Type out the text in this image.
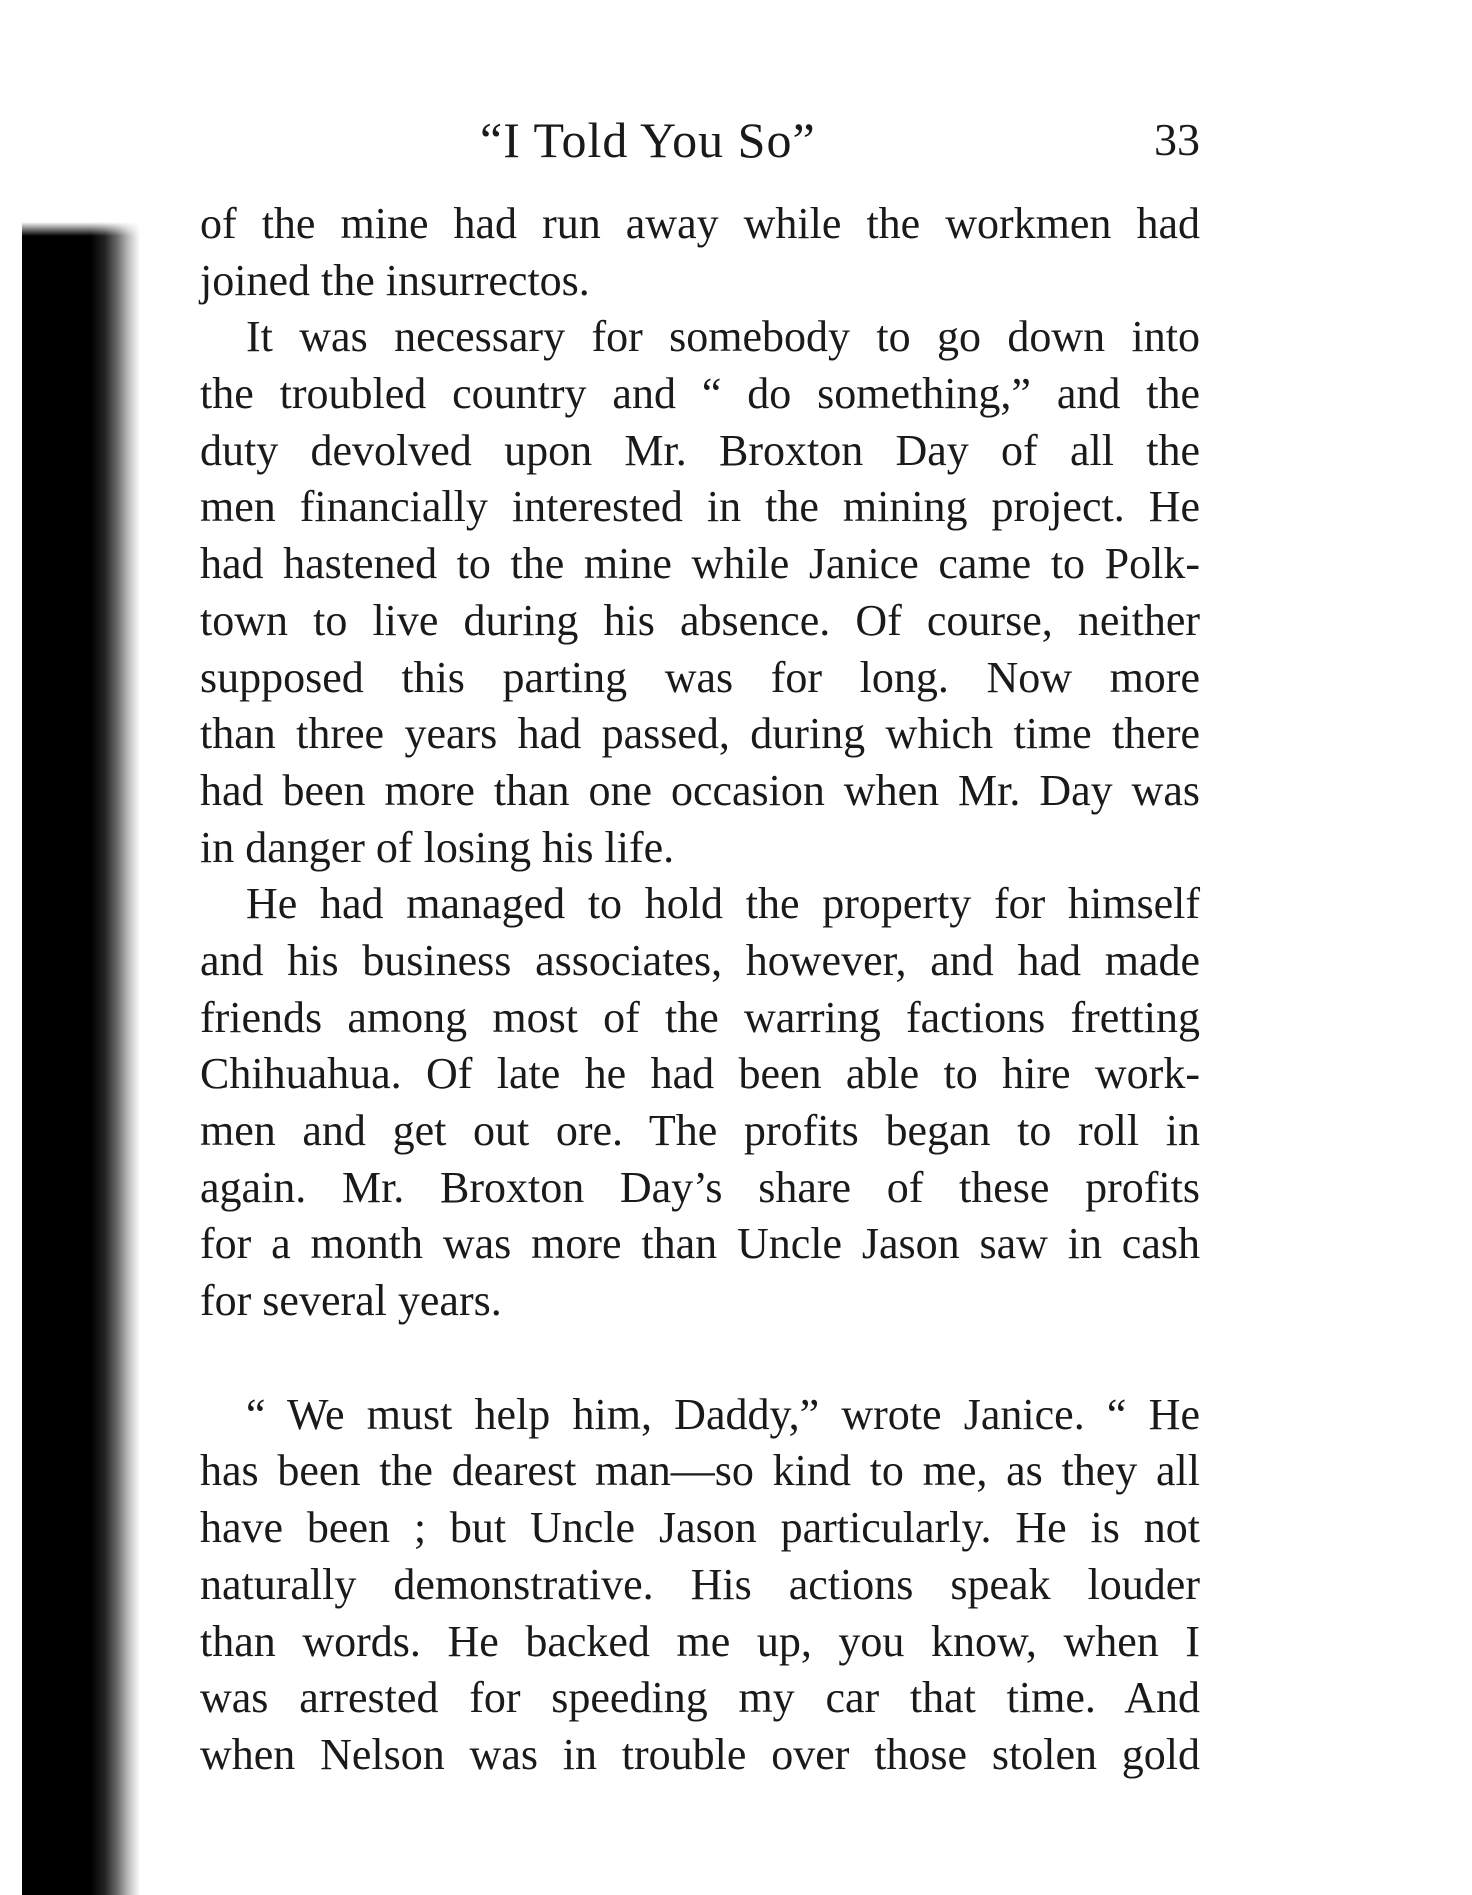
“I Told You So”	33
of the mine had run away while the workmen had
joined the insurrectos.
It was necessary for somebody to go down into
the troubled country and “ do something,” and the
duty devolved upon Mr. Broxton Day of all the
men financially interested in the mining project. He
had hastened to the mine while Janice came to Polk-
town to live during his absence. Of course, neither
supposed this parting was for long. Now more
than three years had passed, during which time there
had been more than one occasion when Mr. Day was
in danger of losing his life.
He had managed to hold the property for himself
and his business associates, however, and had made
friends among most of the warring factions fretting
Chihuahua. Of late he had been able to hire work-
men and get out ore. The profits began to roll in
again. Mr. Broxton Day’s share of these profits
for a month was more than Uncle Jason saw in cash
for several years.
“ We must help him, Daddy,” wrote Janice. “ He
has been the dearest man—so kind to me, as they all
have been ; but Uncle Jason particularly. He is not
naturally demonstrative. His actions speak louder
than words. He backed me up, you know, when I
was arrested for speeding my car that time. And
when Nelson was in trouble over those stolen gold
